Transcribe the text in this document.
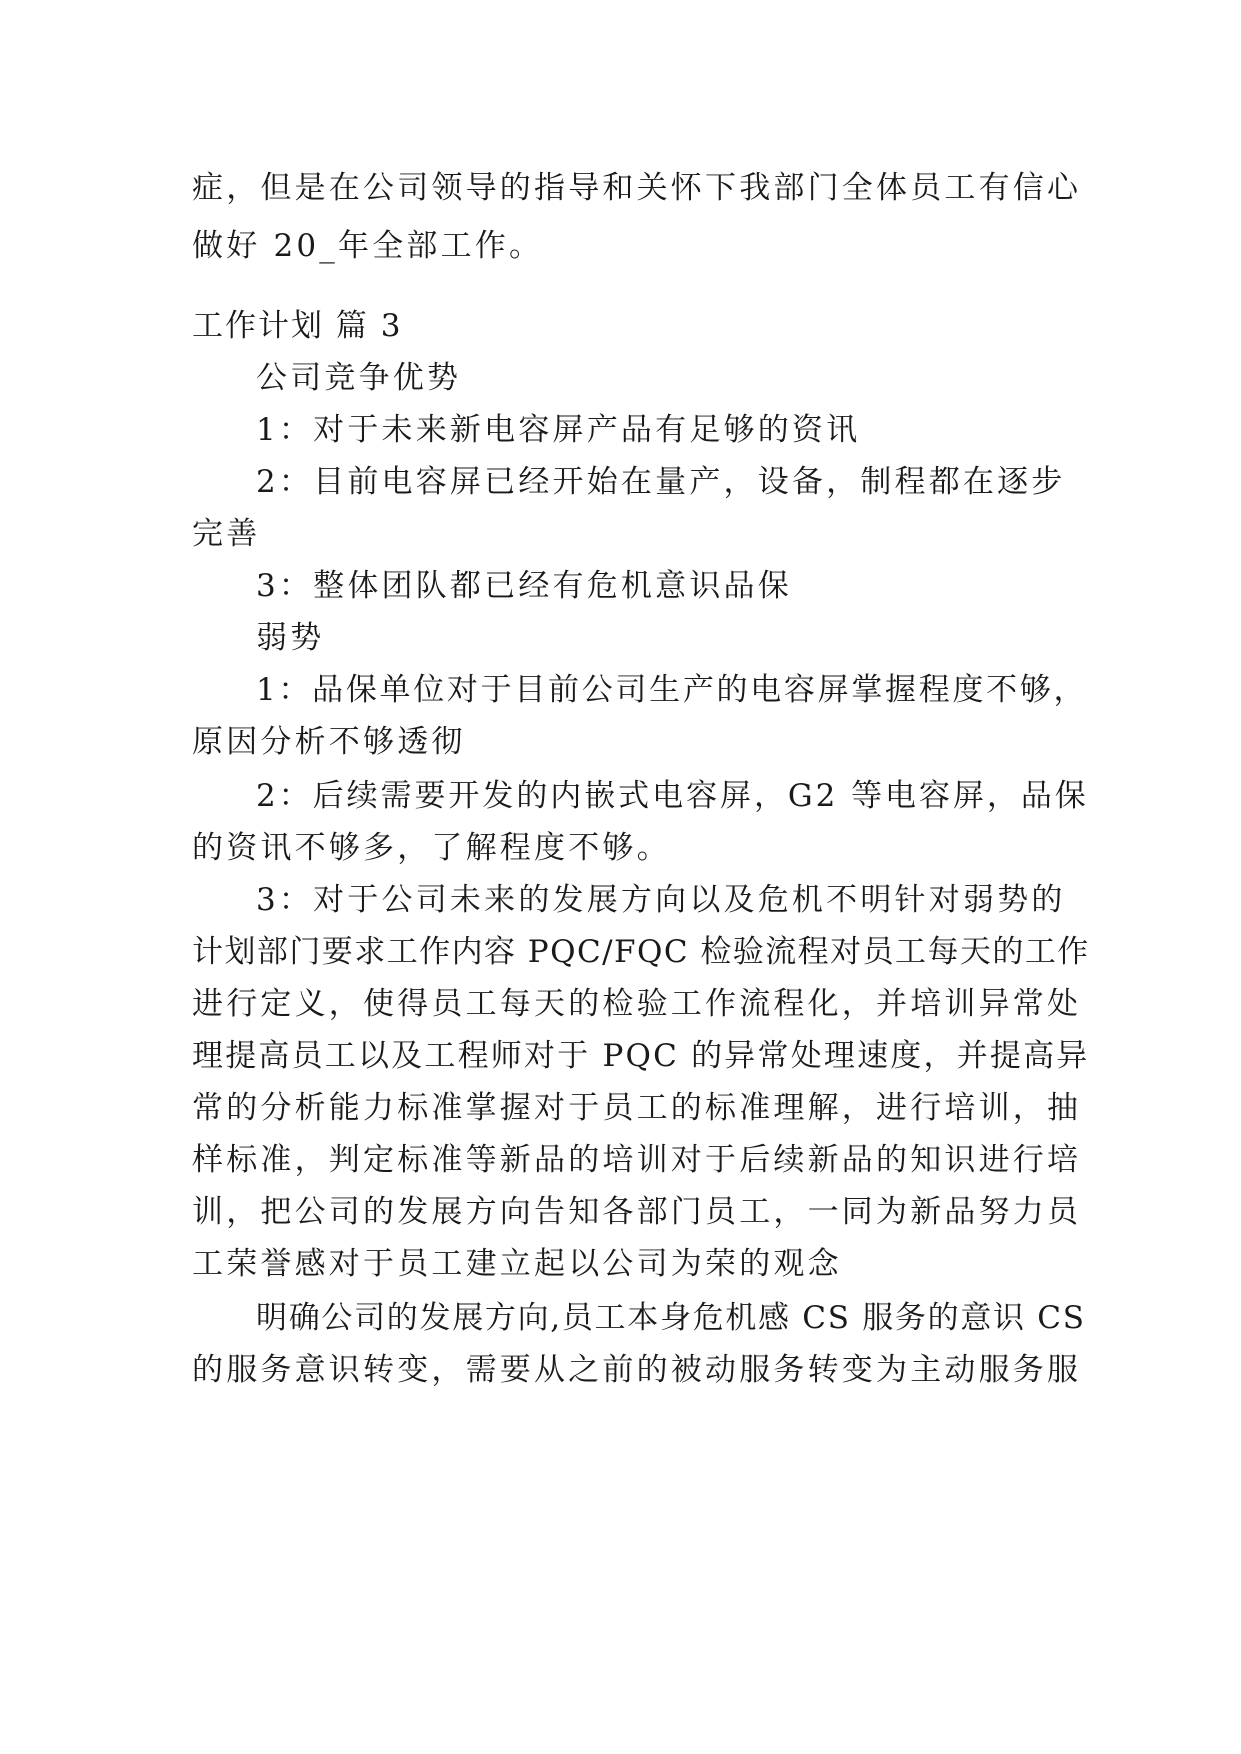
症，但是在公司领导的指导和关怀下我部门全体员工有信心
做好 20_年全部工作。
工作计划 篇 3
公司竞争优势
1：对于未来新电容屏产品有足够的资讯
2：目前电容屏已经开始在量产，设备，制程都在逐步
完善
3：整体团队都已经有危机意识品保
弱势
1：品保单位对于目前公司生产的电容屏掌握程度不够，
原因分析不够透彻
2：后续需要开发的内嵌式电容屏，G2 等电容屏，品保
的资讯不够多，了解程度不够。
3：对于公司未来的发展方向以及危机不明针对弱势的
计划部门要求工作内容 PQC/FQC 检验流程对员工每天的工作
进行定义，使得员工每天的检验工作流程化，并培训异常处
理提高员工以及工程师对于 PQC 的异常处理速度，并提高异
常的分析能力标准掌握对于员工的标准理解，进行培训，抽
样标准，判定标准等新品的培训对于后续新品的知识进行培
训，把公司的发展方向告知各部门员工，一同为新品努力员
工荣誉感对于员工建立起以公司为荣的观念
明确公司的发展方向,员工本身危机感 CS 服务的意识 CS
的服务意识转变，需要从之前的被动服务转变为主动服务服
